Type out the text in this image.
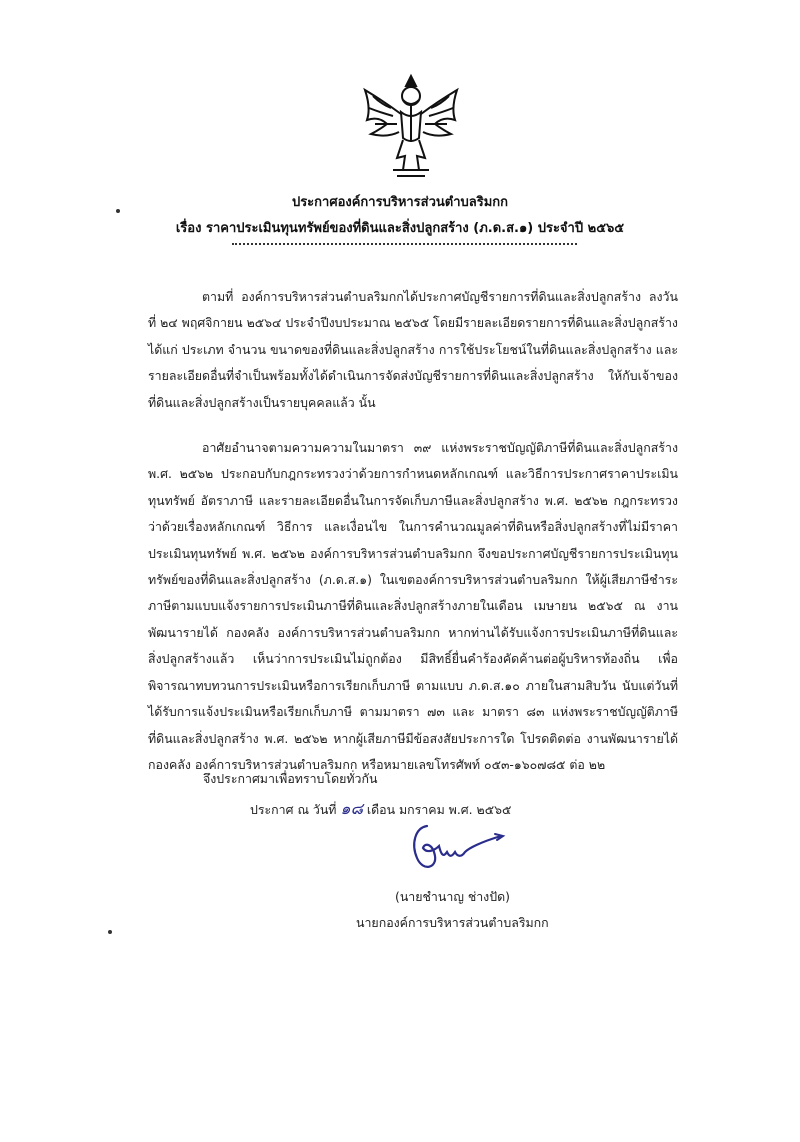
ประกาศองค์การบริหารส่วนตำบลริมกก
เรื่อง ราคาประเมินทุนทรัพย์ของที่ดินและสิ่งปลูกสร้าง (ภ.ด.ส.๑) ประจำปี ๒๕๖๕

ตามที่ องค์การบริหารส่วนตำบลริมกกได้ประกาศบัญชีรายการที่ดินและสิ่งปลูกสร้าง ลงวันที่ ๒๔ พฤศจิกายน ๒๕๖๔ ประจำปีงบประมาณ ๒๕๖๕ โดยมีรายละเอียดรายการที่ดินและสิ่งปลูกสร้าง ได้แก่ ประเภท จำนวน ขนาดของที่ดินและสิ่งปลูกสร้าง การใช้ประโยชน์ในที่ดินและสิ่งปลูกสร้าง และรายละเอียดอื่นที่จำเป็นพร้อมทั้งได้ดำเนินการจัดส่งบัญชีรายการที่ดินและสิ่งปลูกสร้าง ให้กับเจ้าของที่ดินและสิ่งปลูกสร้างเป็นรายบุคคลแล้ว นั้น

อาศัยอำนาจตามความความในมาตรา ๓๙ แห่งพระราชบัญญัติภาษีที่ดินและสิ่งปลูกสร้าง พ.ศ. ๒๕๖๒ ประกอบกับกฎกระทรวงว่าด้วยการกำหนดหลักเกณฑ์ และวิธีการประกาศราคาประเมินทุนทรัพย์ อัตราภาษี และรายละเอียดอื่นในการจัดเก็บภาษีและสิ่งปลูกสร้าง พ.ศ. ๒๕๖๒ กฎกระทรวงว่าด้วยเรื่องหลักเกณฑ์ วิธีการ และเงื่อนไข ในการคำนวณมูลค่าที่ดินหรือสิ่งปลูกสร้างที่ไม่มีราคาประเมินทุนทรัพย์ พ.ศ. ๒๕๖๒ องค์การบริหารส่วนตำบลริมกก จึงขอประกาศบัญชีรายการประเมินทุนทรัพย์ของที่ดินและสิ่งปลูกสร้าง (ภ.ด.ส.๑) ในเขตองค์การบริหารส่วนตำบลริมกก ให้ผู้เสียภาษีชำระภาษีตามแบบแจ้งรายการประเมินภาษีที่ดินและสิ่งปลูกสร้างภายในเดือน เมษายน ๒๕๖๕ ณ งานพัฒนารายได้ กองคลัง องค์การบริหารส่วนตำบลริมกก หากท่านได้รับแจ้งการประเมินภาษีที่ดินและสิ่งปลูกสร้างแล้ว เห็นว่าการประเมินไม่ถูกต้อง มีสิทธิ์ยื่นคำร้องคัดค้านต่อผู้บริหารท้องถิ่น เพื่อพิจารณาทบทวนการประเมินหรือการเรียกเก็บภาษี ตามแบบ ภ.ด.ส.๑๐ ภายในสามสิบวัน นับแต่วันที่ได้รับการแจ้งประเมินหรือเรียกเก็บภาษี ตามมาตรา ๗๓ และ มาตรา ๘๓ แห่งพระราชบัญญัติภาษีที่ดินและสิ่งปลูกสร้าง พ.ศ. ๒๕๖๒ หากผู้เสียภาษีมีข้อสงสัยประการใด โปรดติดต่อ งานพัฒนารายได้ กองคลัง องค์การบริหารส่วนตำบลริมกก หรือหมายเลขโทรศัพท์ ๐๕๓-๑๖๐๗๘๕ ต่อ ๒๒

จึงประกาศมาเพื่อทราบโดยทั่วกัน
ประกาศ ณ วันที่ ๑๘ เดือน มกราคม พ.ศ. ๒๕๖๕
(นายชำนาญ ช่างปัด)
นายกองค์การบริหารส่วนตำบลริมกก
